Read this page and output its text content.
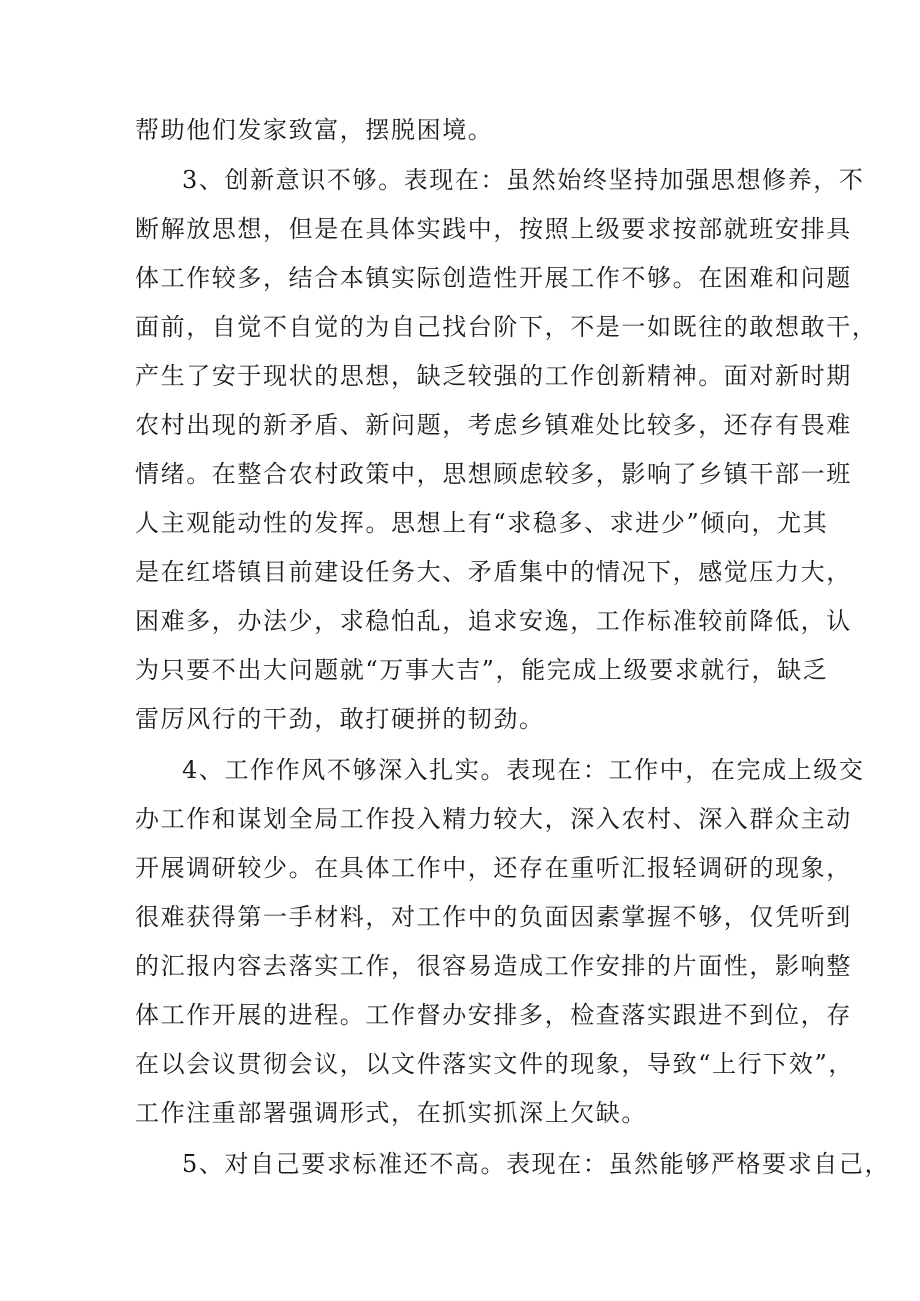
帮助他们发家致富，摆脱困境。
3、创新意识不够。表现在：虽然始终坚持加强思想修养，不
断解放思想，但是在具体实践中，按照上级要求按部就班安排具
体工作较多，结合本镇实际创造性开展工作不够。在困难和问题
面前，自觉不自觉的为自己找台阶下，不是一如既往的敢想敢干，
产生了安于现状的思想，缺乏较强的工作创新精神。面对新时期
农村出现的新矛盾、新问题，考虑乡镇难处比较多，还存有畏难
情绪。在整合农村政策中，思想顾虑较多，影响了乡镇干部一班
人主观能动性的发挥。思想上有“求稳多、求进少”倾向，尤其
是在红塔镇目前建设任务大、矛盾集中的情况下，感觉压力大，
困难多，办法少，求稳怕乱，追求安逸，工作标准较前降低，认
为只要不出大问题就“万事大吉”，能完成上级要求就行，缺乏
雷厉风行的干劲，敢打硬拼的韧劲。
4、工作作风不够深入扎实。表现在：工作中，在完成上级交
办工作和谋划全局工作投入精力较大，深入农村、深入群众主动
开展调研较少。在具体工作中，还存在重听汇报轻调研的现象，
很难获得第一手材料，对工作中的负面因素掌握不够，仅凭听到
的汇报内容去落实工作，很容易造成工作安排的片面性，影响整
体工作开展的进程。工作督办安排多，检查落实跟进不到位，存
在以会议贯彻会议，以文件落实文件的现象，导致“上行下效”，
工作注重部署强调形式，在抓实抓深上欠缺。
5、对自己要求标准还不高。表现在：虽然能够严格要求自己，
